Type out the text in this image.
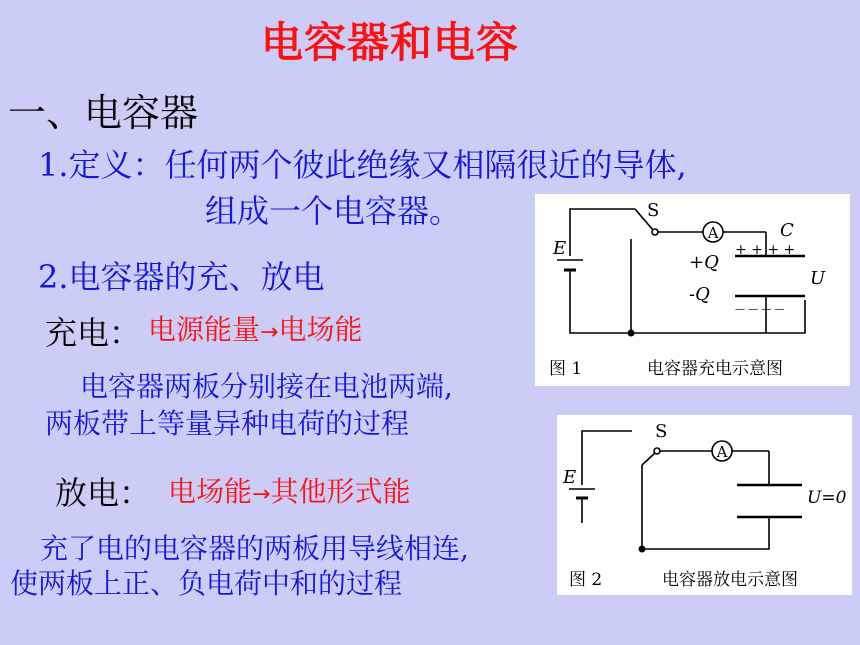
电容器和电容
一、电容器
1.定义：任何两个彼此绝缘又相隔很近的导体,
组成一个电容器。
2.电容器的充、放电
充电： 电源能量→电场能
电容器两板分别接在电池两端,
两板带上等量异种电荷的过程
放电： 电场能→其他形式能
充了电的电容器的两板用导线相连,
使两板上正、负电荷中和的过程
E
S
A	C
+ + + +
+Q
-Q
— — — —
U
图 1	电容器充电示意图
E
S
A
U=0
图 2	电容器放电示意图
